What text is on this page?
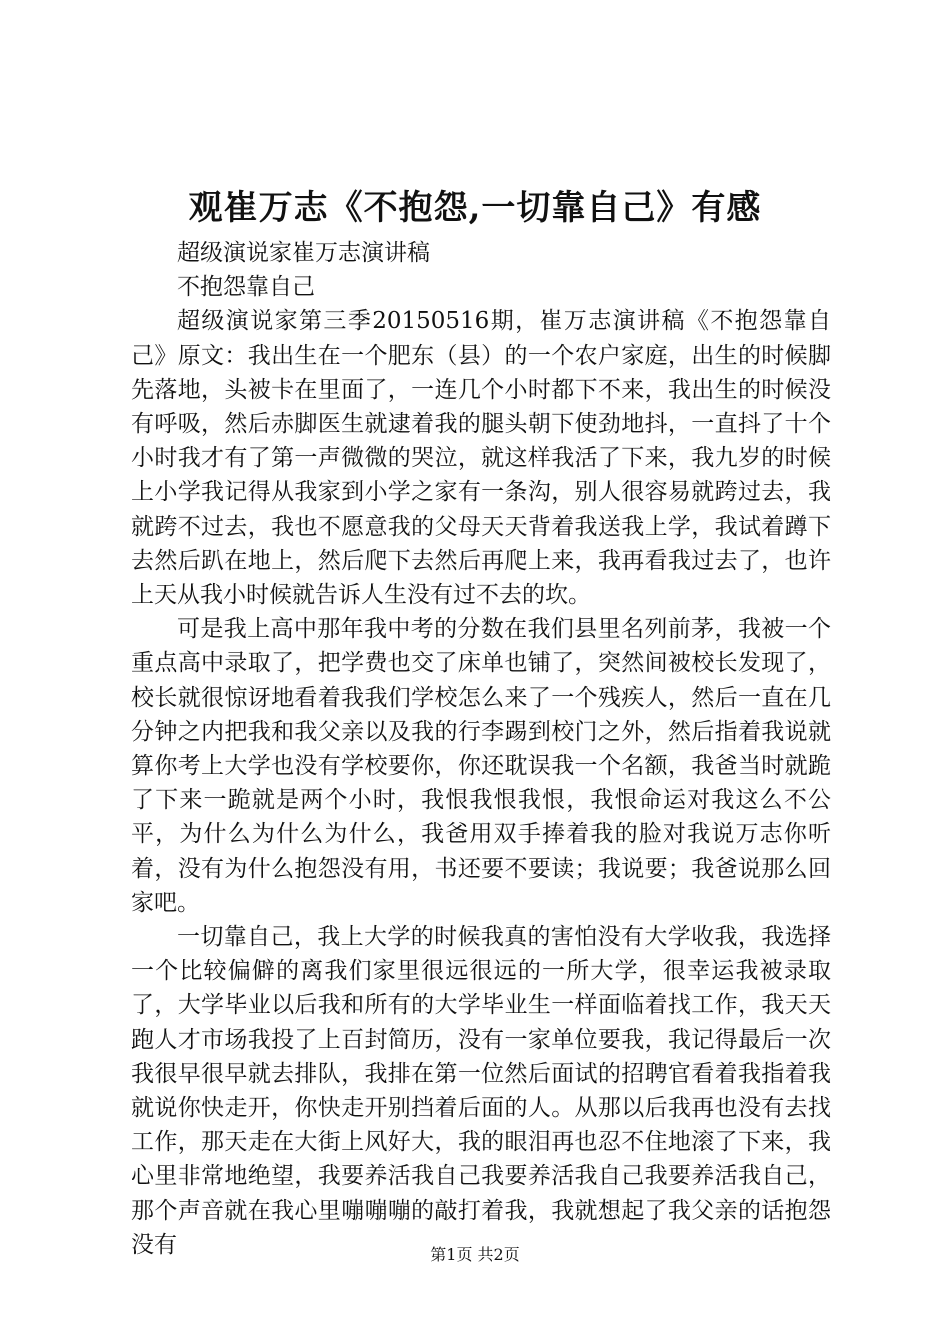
观崔万志《不抱怨,一切靠自己》有感

超级演说家崔万志演讲稿

不抱怨靠自己

超级演说家第三季20150516期，崔万志演讲稿《不抱怨靠自己》原文：我出生在一个肥东（县）的一个农户家庭，出生的时候脚先落地，头被卡在里面了，一连几个小时都下不来，我出生的时候没有呼吸，然后赤脚医生就逮着我的腿头朝下使劲地抖，一直抖了十个小时我才有了第一声微微的哭泣，就这样我活了下来，我九岁的时候上小学我记得从我家到小学之家有一条沟，别人很容易就跨过去，我就跨不过去，我也不愿意我的父母天天背着我送我上学，我试着蹲下去然后趴在地上，然后爬下去然后再爬上来，我再看我过去了，也许上天从我小时候就告诉人生没有过不去的坎。

可是我上高中那年我中考的分数在我们县里名列前茅，我被一个重点高中录取了，把学费也交了床单也铺了，突然间被校长发现了，校长就很惊讶地看着我我们学校怎么来了一个残疾人，然后一直在几分钟之内把我和我父亲以及我的行李踢到校门之外，然后指着我说就算你考上大学也没有学校要你，你还耽误我一个名额，我爸当时就跪了下来一跪就是两个小时，我恨我恨我恨，我恨命运对我这么不公平，为什么为什么为什么，我爸用双手捧着我的脸对我说万志你听着，没有为什么抱怨没有用，书还要不要读；我说要；我爸说那么回家吧。

一切靠自己，我上大学的时候我真的害怕没有大学收我，我选择一个比较偏僻的离我们家里很远很远的一所大学，很幸运我被录取了，大学毕业以后我和所有的大学毕业生一样面临着找工作，我天天跑人才市场我投了上百封简历，没有一家单位要我，我记得最后一次我很早很早就去排队，我排在第一位然后面试的招聘官看着我指着我就说你快走开，你快走开别挡着后面的人。从那以后我再也没有去找工作，那天走在大街上风好大，我的眼泪再也忍不住地滚了下来，我心里非常地绝望，我要养活我自己我要养活我自己我要养活我自己，那个声音就在我心里嘣嘣嘣的敲打着我，我就想起了我父亲的话抱怨没有	第1页 共2页
